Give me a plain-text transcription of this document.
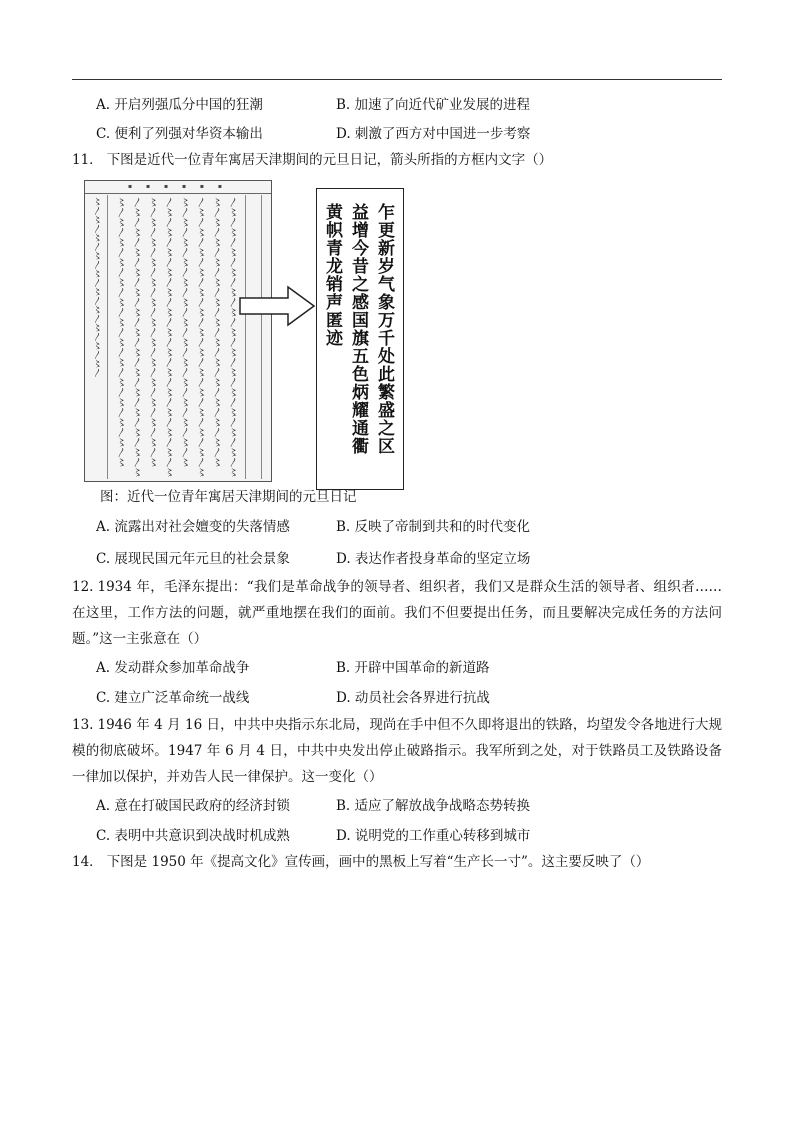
A. 开启列强瓜分中国的狂潮	B. 加速了向近代矿业发展的进程
C. 便利了列强对华资本输出	D. 刺激了西方对中国进一步考察
11． 下图是近代一位青年寓居天津期间的元旦日记，箭头所指的方框内文字（）
▪ ▪ ▪ ▪ ▪ ▪
〻〳〻〳〻〳〻〳〻〳〻〳〻〳〻〳〻〳〻〳〻〳〻〳〻〳〻
〳〻〳〻〳〻〳〻〳〻〳〻〳〻〳〻〳〻〳〻〳〻〳〻〳〻〳〻
〻〳〻〳〻〳〻〳〻〳〻〳〻〳〻〳〻〳〻〳〻〳〻〳〻〳〻
〳〻〳〻〳〻〳〻〳〻〳〻〳〻〳〻〳〻〳〻〳〻〳〻〳〻〳〻
〻〳〻〳〻〳〻〳〻〳〻〳〻〳〻〳〻〳〻〳〻〳〻〳〻〳〻
〳〻〳〻〳〻〳〻〳〻〳〻〳〻〳〻〳〻〳〻〳〻〳〻〳〻〳〻
〻〳〻〳〻〳〻〳〻〳〻〳〻〳〻〳〻〳〻〳〻〳〻〳〻〳〻
〳〻〳〻〳〻〳〻〳〻〳〻〳〻〳〻〳〻〳〻〳〻〳〻〳〻〳〻
〻〳〻〳〻〳〻〳〻〳〻〳〻〳〻〳〻〳〻〳	乍更新岁气象万千处此繁盛之区
益增今昔之感国旗五色炳耀通衢
黄帜青龙销声匿迹
图：近代一位青年寓居天津期间的元旦日记
A. 流露出对社会嬗变的失落情感	B. 反映了帝制到共和的时代变化
C. 展现民国元年元旦的社会景象	D. 表达作者投身革命的坚定立场
12. 1934 年，毛泽东提出：“我们是革命战争的领导者、组织者，我们又是群众生活的领导者、组织者……在这里，工作方法的问题，就严重地摆在我们的面前。我们不但要提出任务，而且要解决完成任务的方法问题。”这一主张意在（）
A. 发动群众参加革命战争	B. 开辟中国革命的新道路
C. 建立广泛革命统一战线	D. 动员社会各界进行抗战
13. 1946 年 4 月 16 日，中共中央指示东北局，现尚在手中但不久即将退出的铁路，均望发令各地进行大规模的彻底破坏。1947 年 6 月 4 日，中共中央发出停止破路指示。我军所到之处，对于铁路员工及铁路设备一律加以保护，并劝告人民一律保护。这一变化（）
A. 意在打破国民政府的经济封锁	B. 适应了解放战争战略态势转换
C. 表明中共意识到决战时机成熟	D. 说明党的工作重心转移到城市
14． 下图是 1950 年《提高文化》宣传画，画中的黑板上写着“生产长一寸”。这主要反映了（）
